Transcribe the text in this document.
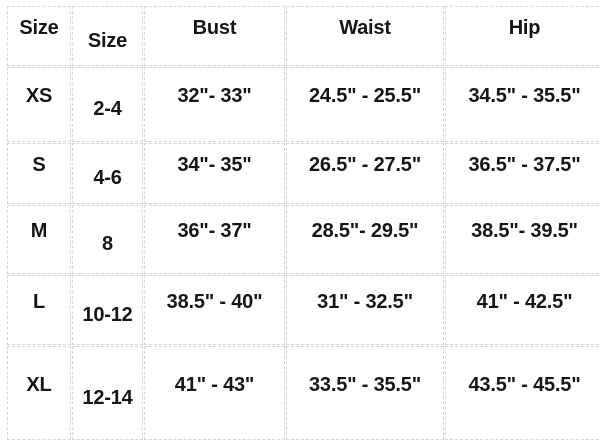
Size	Size	Bust	Waist	Hip
XS	2-4	32"- 33"	24.5" - 25.5"	34.5" - 35.5"
S	4-6	34"- 35"	26.5" - 27.5"	36.5" - 37.5"
M	8	36"- 37"	28.5"- 29.5"	38.5"- 39.5"
L	10-12	38.5" - 40"	31" - 32.5"	41" - 42.5"
XL	12-14	41" - 43"	33.5" - 35.5"	43.5" - 45.5"
